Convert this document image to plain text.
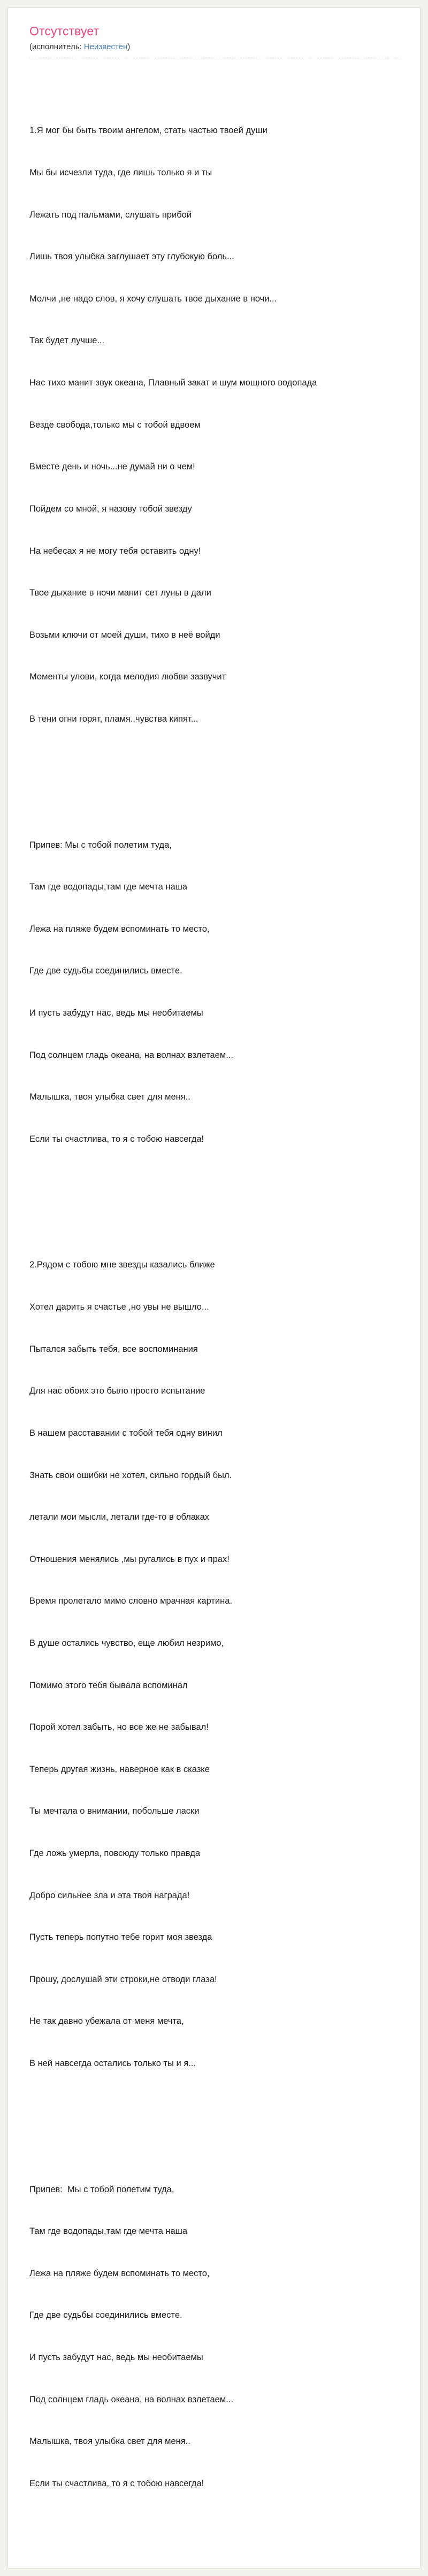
Отсутствует
(исполнитель: Неизвестен)

1.Я мог бы быть твоим ангелом, стать частью твоей души

Мы бы исчезли туда, где лишь только я и ты

Лежать под пальмами, слушать прибой

Лишь твоя улыбка заглушает эту глубокую боль...

Молчи ,не надо слов, я хочу слушать твое дыхание в ночи...

Так будет лучше...

Нас тихо манит звук океана, Плавный закат и шум мощного водопада

Везде свобода,только мы с тобой вдвоем

Вместе день и ночь...не думай ни о чем!

Пойдем со мной, я назову тобой звезду

На небесах я не могу тебя оставить одну!

Твое дыхание в ночи манит сет луны в дали

Возьми ключи от моей души, тихо в неё войди

Моменты улови, когда мелодия любви зазвучит

В тени огни горят, пламя..чувства кипят...

Припев: Мы с тобой полетим туда,

Там где водопады,там где мечта наша

Лежа на пляже будем вспоминать то место,

Где две судьбы соединились вместе.

И пусть забудут нас, ведь мы необитаемы

Под солнцем гладь океана, на волнах взлетаем...

Малышка, твоя улыбка свет для меня..

Если ты счастлива, то я с тобою навсегда!

2.Рядом с тобою мне звезды казались ближе

Хотел дарить я счастье ,но увы не вышло...

Пытался забыть тебя, все воспоминания

Для нас обоих это было просто испытание

В нашем расставании с тобой тебя одну винил

Знать свои ошибки не хотел, сильно гордый был.

летали мои мысли, летали где-то в облаках

Отношения менялись ,мы ругались в пух и прах!

Время пролетало мимо словно мрачная картина.

В душе остались чувство, еще любил незримо,

Помимо этого тебя бывала вспоминал

Порой хотел забыть, но все же не забывал!

Теперь другая жизнь, наверное как в сказке

Ты мечтала о внимании, побольше ласки

Где ложь умерла, повсюду только правда

Добро сильнее зла и эта твоя награда!

Пусть теперь попутно тебе горит моя звезда

Прошу, дослушай эти строки,не отводи глаза!

Не так давно убежала от меня мечта,

В ней навсегда остались только ты и я...

Припев:  Мы с тобой полетим туда,

Там где водопады,там где мечта наша

Лежа на пляже будем вспоминать то место,

Где две судьбы соединились вместе.

И пусть забудут нас, ведь мы необитаемы

Под солнцем гладь океана, на волнах взлетаем...

Малышка, твоя улыбка свет для меня..

Если ты счастлива, то я с тобою навсегда!
